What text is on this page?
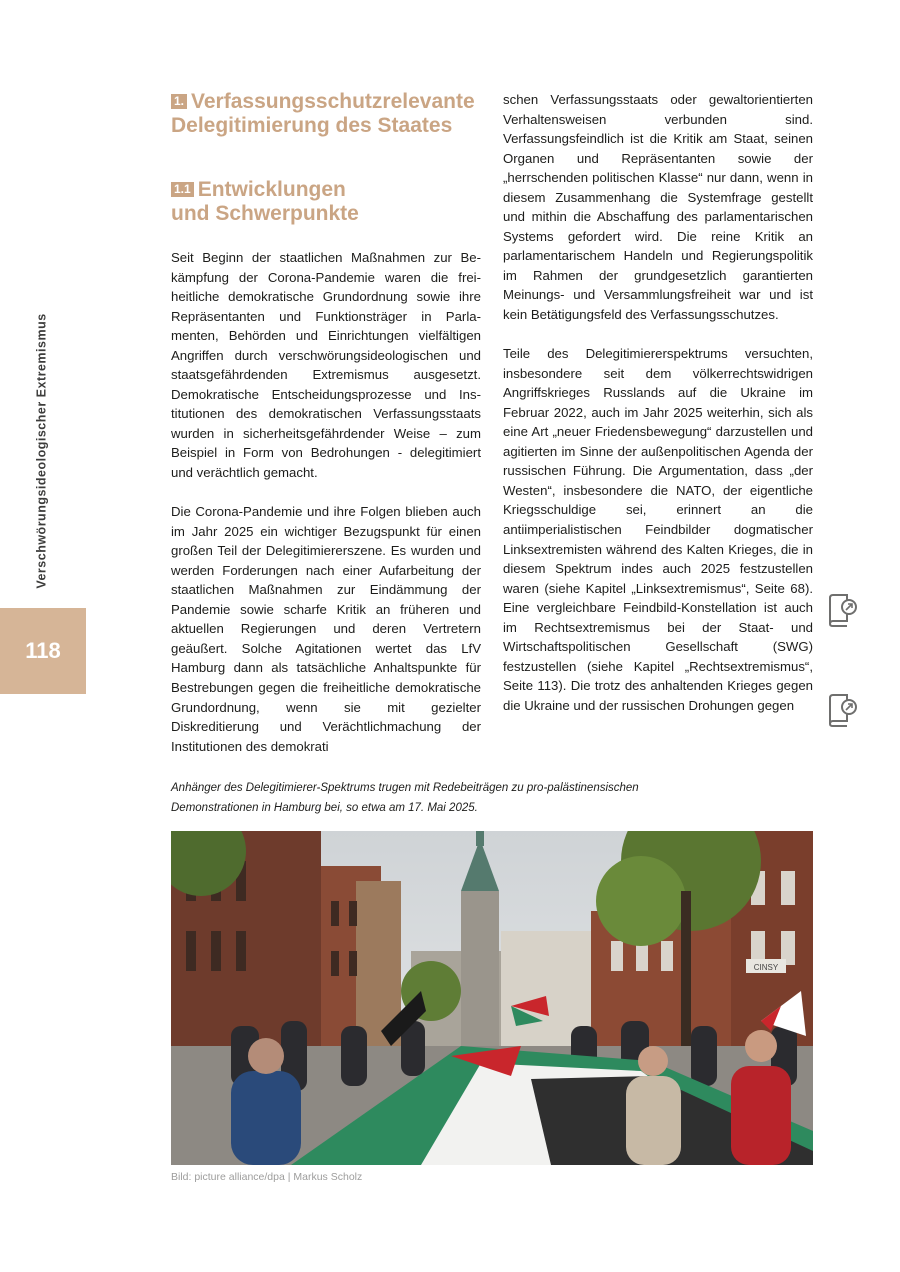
Verschwörungsideologischer Extremismus
118
1. Verfassungsschutzrelevante Delegitimierung des Staates
1.1 Entwicklungen
und Schwerpunkte

Seit Beginn der staatlichen Maßnahmen zur Bekämpfung der Corona-Pandemie waren die freiheitliche demokratische Grundordnung sowie ihre Repräsentanten und Funktionsträger in Parlamenten, Behörden und Einrichtungen vielfältigen Angriffen durch verschwörungsideologischen und staatsgefährdenden Extremismus ausgesetzt. Demokratische Entscheidungsprozesse und Institutionen des demokratischen Verfassungsstaats wurden in sicherheitsgefährdender Weise – zum Beispiel in Form von Bedrohungen - delegitimiert und verächtlich gemacht.

Die Corona-Pandemie und ihre Folgen blieben auch im Jahr 2025 ein wichtiger Bezugspunkt für einen großen Teil der Delegitimiererszene. Es wurden und werden Forderungen nach einer Aufarbeitung der staatlichen Maßnahmen zur Eindämmung der Pandemie sowie scharfe Kritik an früheren und aktuellen Regierungen und deren Vertretern geäußert. Solche Agitationen wertet das LfV Hamburg dann als tatsächliche Anhaltspunkte für Bestrebungen gegen die freiheitliche demokratische Grundordnung, wenn sie mit gezielter Diskreditierung und Verächtlichmachung der Institutionen des demokrati

schen Verfassungsstaats oder gewaltorientierten Verhaltensweisen verbunden sind. Verfassungsfeindlich ist die Kritik am Staat, seinen Organen und Repräsentanten sowie der „herrschenden politischen Klasse“ nur dann, wenn in diesem Zusammenhang die Systemfrage gestellt und mithin die Abschaffung des parlamentarischen Systems gefordert wird. Die reine Kritik an parlamentarischem Handeln und Regierungspolitik im Rahmen der grundgesetzlich garantierten Meinungs- und Versammlungsfreiheit war und ist kein Betätigungsfeld des Verfassungsschutzes.

Teile des Delegitimiererspektrums versuchten, insbesondere seit dem völkerrechtswidrigen Angriffskrieges Russlands auf die Ukraine im Februar 2022, auch im Jahr 2025 weiterhin, sich als eine Art „neuer Friedensbewegung“ darzustellen und agitierten im Sinne der außenpolitischen Agenda der russischen Führung. Die Argumentation, dass „der Westen“, insbesondere die NATO, der eigentliche Kriegsschuldige sei, erinnert an die antiimperialistischen Feindbilder dogmatischer Linksextremisten während des Kalten Krieges, die in diesem Spektrum indes auch 2025 festzustellen waren (siehe Kapitel „Linksextremismus“, Seite 68). Eine vergleichbare Feindbild-Konstellation ist auch im Rechtsextremismus bei der Staat- und Wirtschaftspolitischen Gesellschaft (SWG) festzustellen (siehe Kapitel „Rechtsextremismus“, Seite 113). Die trotz des anhaltenden Krieges gegen die Ukraine und der russischen Drohungen gegen

Anhänger des Delegitimierer-Spektrums trugen mit Redebeiträgen zu pro-palästinensischen
Demonstrationen in Hamburg bei, so etwa am 17. Mai 2025.
CINSY
Bild: picture alliance/dpa | Markus Scholz
